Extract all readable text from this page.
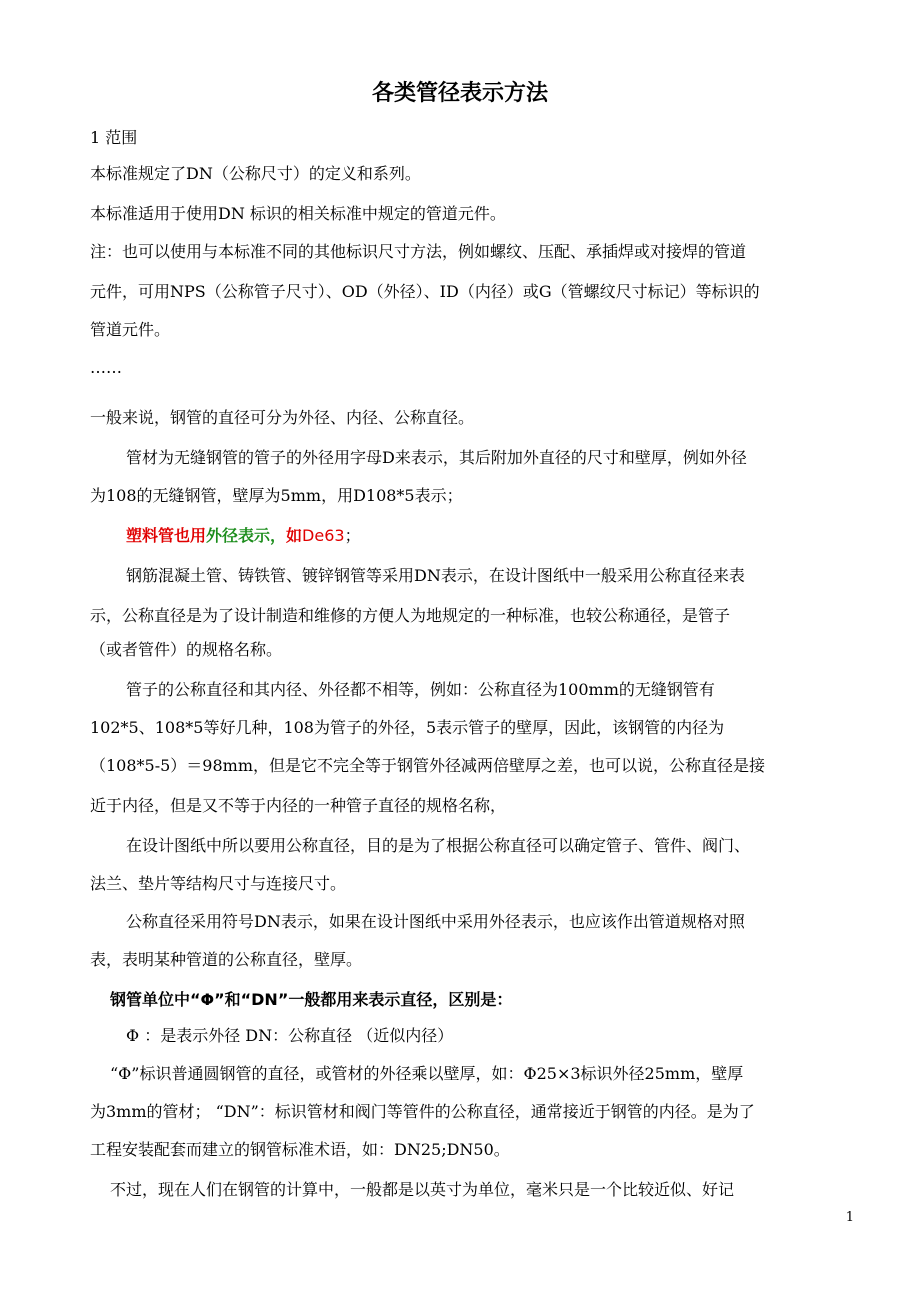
各类管径表示方法
1 范围
本标准规定了DN（公称尺寸）的定义和系列。
本标准适用于使用DN 标识的相关标准中规定的管道元件。
注：也可以使用与本标准不同的其他标识尺寸方法，例如螺纹、压配、承插焊或对接焊的管道
元件，可用NPS（公称管子尺寸）、OD（外径）、ID（内径）或G（管螺纹尺寸标记）等标识的
管道元件。
……
一般来说，钢管的直径可分为外径、内径、公称直径。
管材为无缝钢管的管子的外径用字母D来表示，其后附加外直径的尺寸和壁厚，例如外径
为108的无缝钢管，壁厚为5mm，用D108*5表示；
塑料管也用外径表示，如De63；
钢筋混凝土管、铸铁管、镀锌钢管等采用DN表示，在设计图纸中一般采用公称直径来表
示，公称直径是为了设计制造和维修的方便人为地规定的一种标准，也较公称通径，是管子
（或者管件）的规格名称。
管子的公称直径和其内径、外径都不相等，例如：公称直径为100mm的无缝钢管有
102*5、108*5等好几种，108为管子的外径，5表示管子的壁厚，因此，该钢管的内径为
（108*5-5）＝98mm，但是它不完全等于钢管外径减两倍壁厚之差，也可以说，公称直径是接
近于内径，但是又不等于内径的一种管子直径的规格名称，
在设计图纸中所以要用公称直径，目的是为了根据公称直径可以确定管子、管件、阀门、
法兰、垫片等结构尺寸与连接尺寸。
公称直径采用符号DN表示，如果在设计图纸中采用外径表示，也应该作出管道规格对照
表，表明某种管道的公称直径，壁厚。
钢管单位中“Φ”和“DN”一般都用来表示直径，区别是：
Φ ：是表示外径 DN：公称直径 （近似内径）
“Φ”标识普通圆钢管的直径，或管材的外径乘以壁厚，如：Φ25×3标识外径25mm，壁厚
为3mm的管材； “DN”：标识管材和阀门等管件的公称直径，通常接近于钢管的内径。是为了
工程安装配套而建立的钢管标准术语，如：DN25;DN50。
不过，现在人们在钢管的计算中，一般都是以英寸为单位，毫米只是一个比较近似、好记
1
